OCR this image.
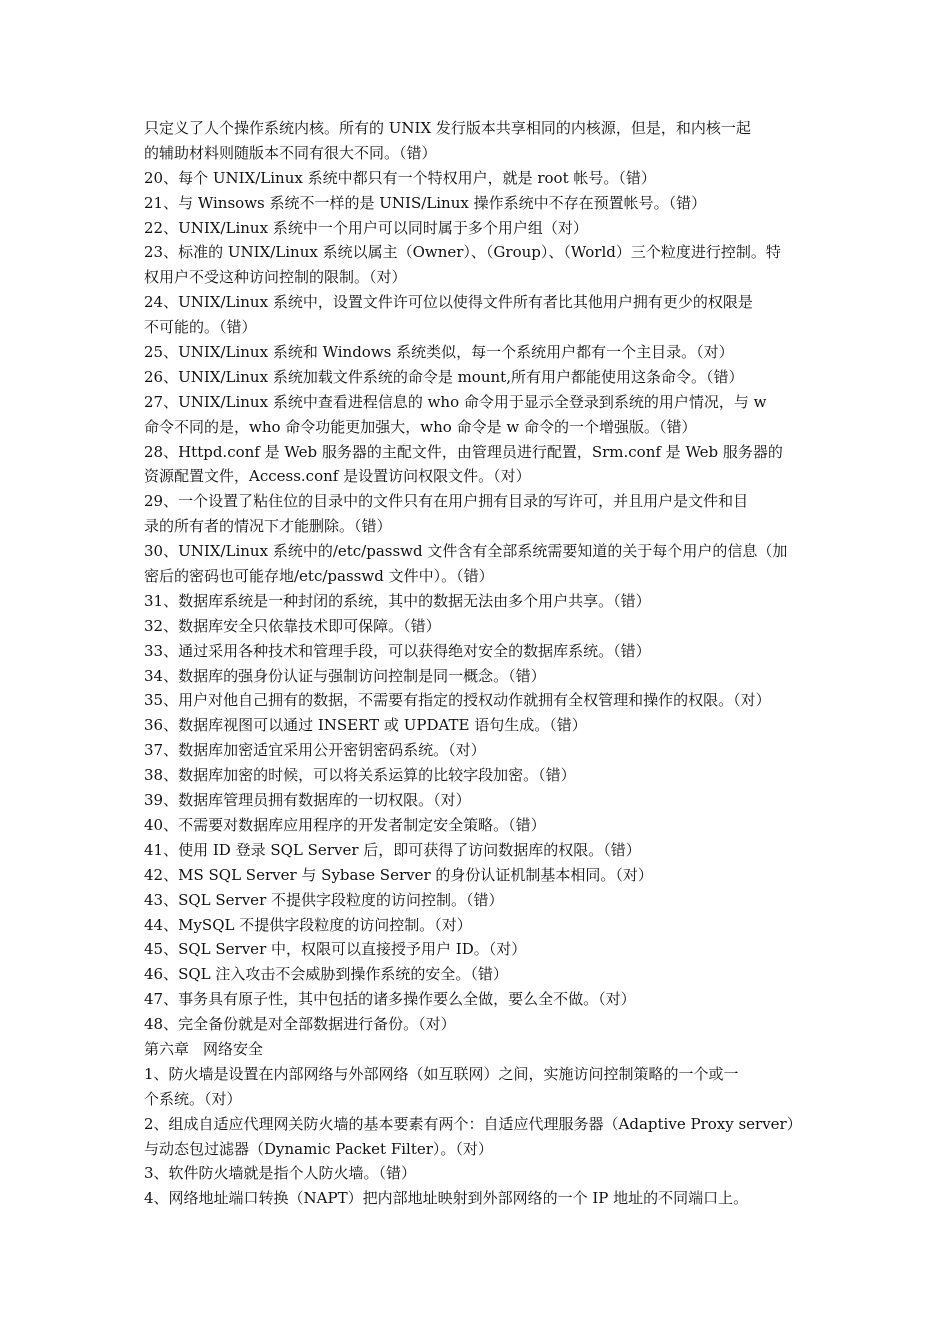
只定义了人个操作系统内核。所有的 UNIX 发行版本共享相同的内核源，但是，和内核一起
的辅助材料则随版本不同有很大不同。（错）
20、每个 UNIX/Linux 系统中都只有一个特权用户，就是 root 帐号。（错）
21、与 Winsows 系统不一样的是 UNIS/Linux 操作系统中不存在预置帐号。（错）
22、UNIX/Linux 系统中一个用户可以同时属于多个用户组（对）
23、标准的 UNIX/Linux 系统以属主（Owner）、（Group）、（World）三个粒度进行控制。特
权用户不受这种访问控制的限制。（对）
24、UNIX/Linux 系统中，设置文件许可位以使得文件所有者比其他用户拥有更少的权限是
不可能的。（错）
25、UNIX/Linux 系统和 Windows 系统类似，每一个系统用户都有一个主目录。（对）
26、UNIX/Linux 系统加载文件系统的命令是 mount,所有用户都能使用这条命令。（错）
27、UNIX/Linux 系统中查看进程信息的 who 命令用于显示全登录到系统的用户情况，与 w
命令不同的是，who 命令功能更加强大，who 命令是 w 命令的一个增强版。（错）
28、Httpd.conf 是 Web 服务器的主配文件，由管理员进行配置，Srm.conf 是 Web 服务器的
资源配置文件，Access.conf 是设置访问权限文件。（对）
29、一个设置了粘住位的目录中的文件只有在用户拥有目录的写许可，并且用户是文件和目
录的所有者的情况下才能删除。（错）
30、UNIX/Linux 系统中的/etc/passwd 文件含有全部系统需要知道的关于每个用户的信息（加
密后的密码也可能存地/etc/passwd 文件中）。（错）
31、数据库系统是一种封闭的系统，其中的数据无法由多个用户共享。（错）
32、数据库安全只依靠技术即可保障。（错）
33、通过采用各种技术和管理手段，可以获得绝对安全的数据库系统。（错）
34、数据库的强身份认证与强制访问控制是同一概念。（错）
35、用户对他自己拥有的数据，不需要有指定的授权动作就拥有全权管理和操作的权限。（对）
36、数据库视图可以通过 INSERT 或 UPDATE 语句生成。（错）
37、数据库加密适宜采用公开密钥密码系统。（对）
38、数据库加密的时候，可以将关系运算的比较字段加密。（错）
39、数据库管理员拥有数据库的一切权限。（对）
40、不需要对数据库应用程序的开发者制定安全策略。（错）
41、使用 ID 登录 SQL Server 后，即可获得了访问数据库的权限。（错）
42、MS SQL Server 与 Sybase Server 的身份认证机制基本相同。（对）
43、SQL Server 不提供字段粒度的访问控制。（错）
44、MySQL 不提供字段粒度的访问控制。（对）
45、SQL Server 中，权限可以直接授予用户 ID。（对）
46、SQL 注入攻击不会威胁到操作系统的安全。（错）
47、事务具有原子性，其中包括的诸多操作要么全做，要么全不做。（对）
48、完全备份就是对全部数据进行备份。（对）
第六章 网络安全
1、防火墙是设置在内部网络与外部网络（如互联网）之间，实施访问控制策略的一个或一
个系统。（对）
2、组成自适应代理网关防火墙的基本要素有两个：自适应代理服务器（Adaptive Proxy server）
与动态包过滤器（Dynamic Packet Filter）。（对）
3、软件防火墙就是指个人防火墙。（错）
4、网络地址端口转换（NAPT）把内部地址映射到外部网络的一个 IP 地址的不同端口上。
